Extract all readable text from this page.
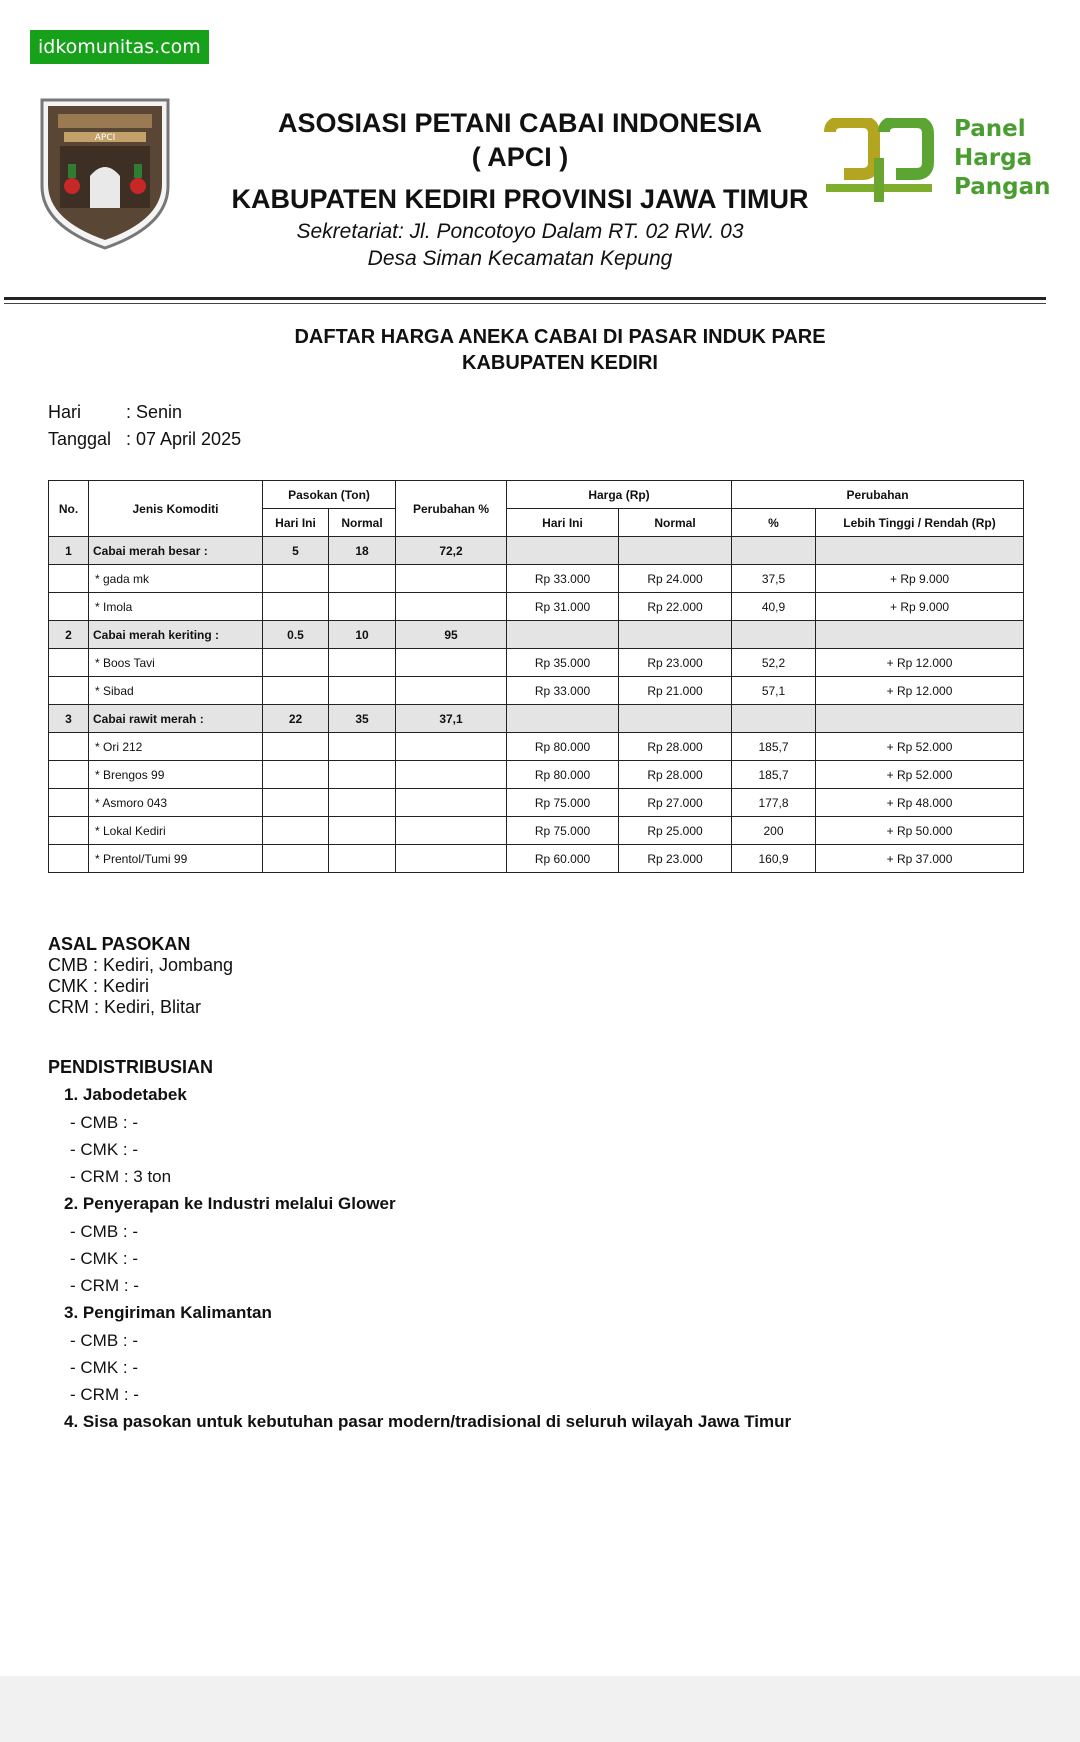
idkomunitas.com
APCI	Panel
Harga
Pangan
ASOSIASI PETANI CABAI INDONESIA
( APCI )
KABUPATEN KEDIRI PROVINSI JAWA TIMUR
Sekretariat: Jl. Poncotoyo Dalam RT. 02 RW. 03
Desa Siman Kecamatan Kepung
DAFTAR HARGA ANEKA CABAI DI PASAR INDUK PARE
KABUPATEN KEDIRI
Hari : Senin
Tanggal : 07 April 2025
No.	Jenis Komoditi	Pasokan (Ton)		Perubahan %	Harga (Rp)		Perubahan	
		Hari Ini	Normal		Hari Ini	Normal	%	Lebih Tinggi / Rendah (Rp)
1	Cabai merah besar :	5	18	72,2				
	* gada mk				Rp 33.000	Rp 24.000	37,5	+ Rp 9.000
	* Imola				Rp 31.000	Rp 22.000	40,9	+ Rp 9.000
2	Cabai merah keriting :	0.5	10	95				
	* Boos Tavi				Rp 35.000	Rp 23.000	52,2	+ Rp 12.000
	* Sibad				Rp 33.000	Rp 21.000	57,1	+ Rp 12.000
3	Cabai rawit merah :	22	35	37,1				
	* Ori 212				Rp 80.000	Rp 28.000	185,7	+ Rp 52.000
	* Brengos 99				Rp 80.000	Rp 28.000	185,7	+ Rp 52.000
	* Asmoro 043				Rp 75.000	Rp 27.000	177,8	+ Rp 48.000
	* Lokal Kediri				Rp 75.000	Rp 25.000	200	+ Rp 50.000
	* Prentol/Tumi 99				Rp 60.000	Rp 23.000	160,9	+ Rp 37.000
ASAL PASOKAN
CMB : Kediri, Jombang
CMK : Kediri
CRM : Kediri, Blitar
PENDISTRIBUSIAN
1. Jabodetabek
- CMB : -
- CMK : -
- CRM : 3 ton
2. Penyerapan ke Industri melalui Glower
- CMB : -
- CMK : -
- CRM : -
3. Pengiriman Kalimantan
- CMB : -
- CMK : -
- CRM : -
4. Sisa pasokan untuk kebutuhan pasar modern/tradisional di seluruh wilayah Jawa Timur
